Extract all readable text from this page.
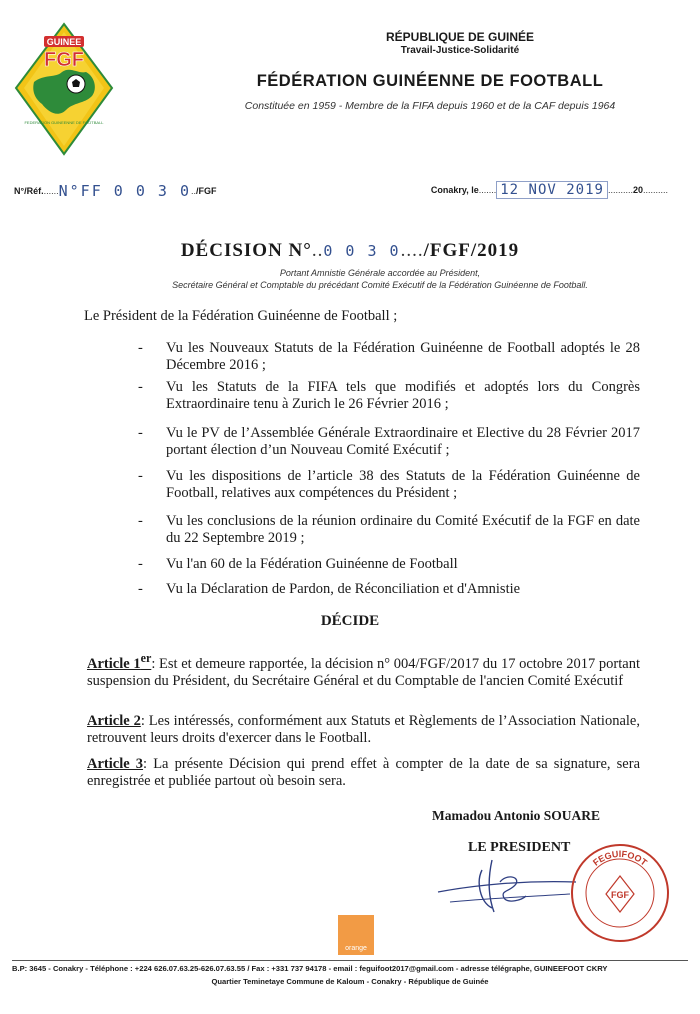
GUINEE
FGF
FEDERATION GUINEENNE DE FOOTBALL
RÉPUBLIQUE DE GUINÉE
Travail-Justice-Solidarité
FÉDÉRATION GUINÉENNE DE FOOTBALL
Constituée en 1959 - Membre de la FIFA depuis 1960 et de la CAF depuis 1964
N°/Réf.......N°FF 0 0 3 0../FGF	Conakry, le....... 12 NOV 2019 ..........20..........
DÉCISION N°..0 0 3 0..../FGF/2019
Portant Amnistie Générale accordée au Président,
Secrétaire Général et Comptable du précédant Comité Exécutif de la Fédération Guinéenne de Football.
Le Président de la Fédération Guinéenne de Football ;
-	Vu les Nouveaux Statuts de la Fédération Guinéenne de Football adoptés le 28 Décembre 2016 ;

-	Vu les Statuts de la FIFA tels que modifiés et adoptés lors du Congrès Extraordinaire tenu à Zurich le 26 Février 2016 ;

-	Vu le PV de l’Assemblée Générale Extraordinaire et Elective du 28 Février 2017 portant élection d’un Nouveau Comité Exécutif ;

-	Vu les dispositions de l’article 38 des Statuts de la Fédération Guinéenne de Football, relatives aux compétences du Président ;

-	Vu les conclusions de la réunion ordinaire du Comité Exécutif de la FGF en date du 22 Septembre 2019 ;

-	Vu l'an 60 de la Fédération Guinéenne de Football

-	Vu la Déclaration de Pardon, de Réconciliation et d'Amnistie

DÉCIDE
Article 1er: Est et demeure rapportée, la décision n° 004/FGF/2017 du 17 octobre 2017 portant suspension du Président, du Secrétaire Général et du Comptable de l'ancien Comité Exécutif
Article 2: Les intéressés, conformément aux Statuts et Règlements de l’Association Nationale, retrouvent leurs droits d'exercer dans le Football.
Article 3: La présente Décision qui prend effet à compter de la date de sa signature, sera enregistrée et publiée partout où besoin sera.
Mamadou Antonio SOUARE
LE PRESIDENT
FEGUIFOOT
FGF
orange
B.P: 3645 - Conakry - Téléphone : +224 626.07.63.25-626.07.63.55 / Fax : +331 737 94178 - email : feguifoot2017@gmail.com - adresse télégraphe, GUINEEFOOT CKRY
Quartier Teminetaye Commune de Kaloum - Conakry - République de Guinée
